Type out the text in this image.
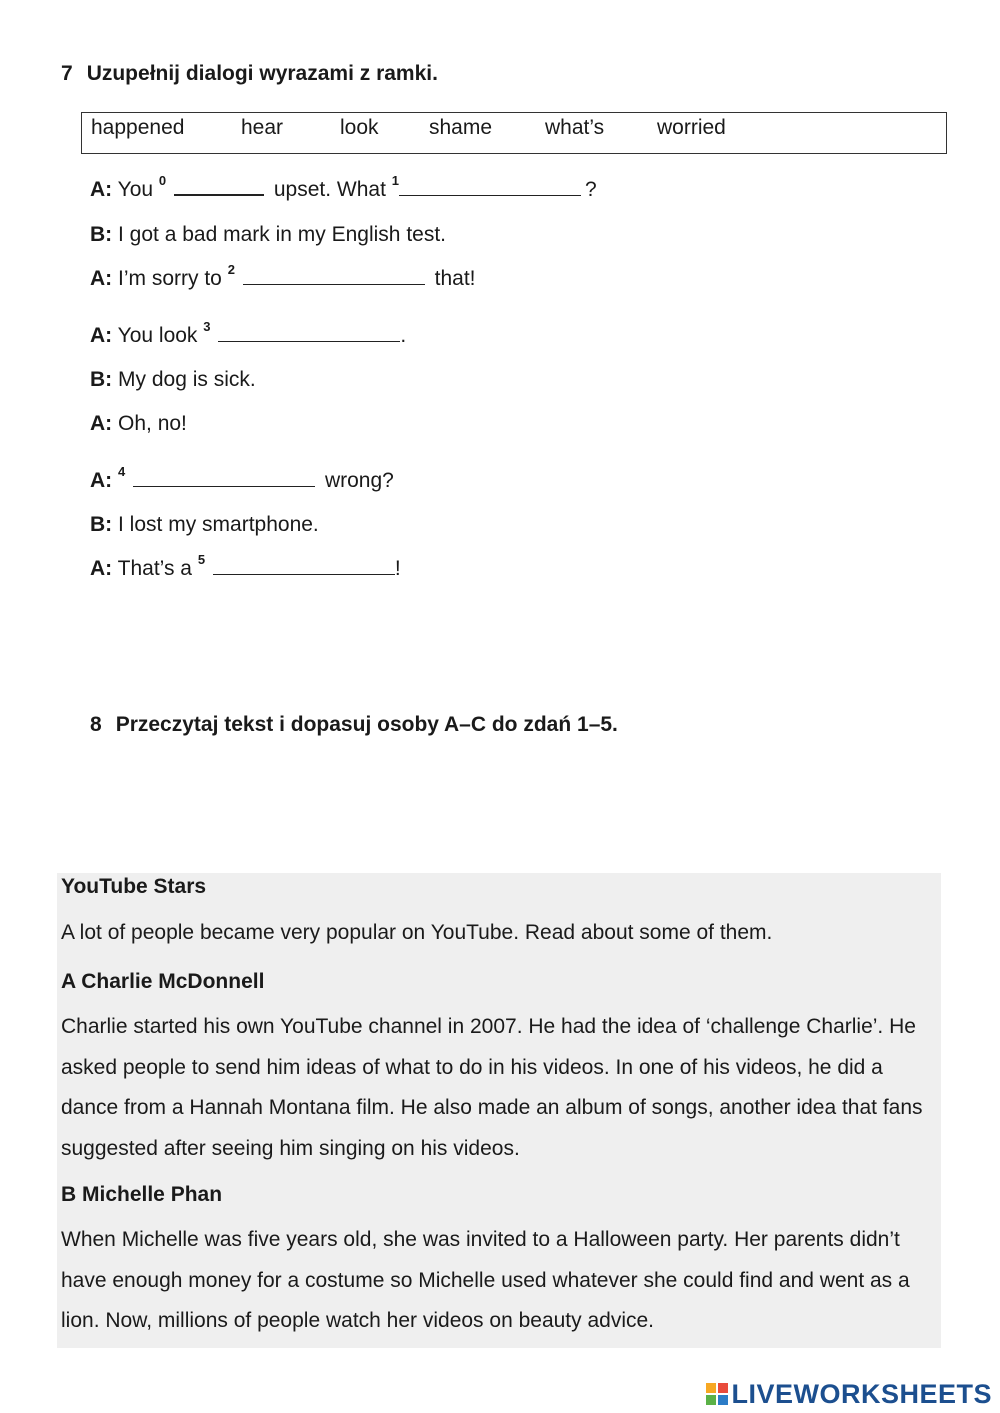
7 Uzupełnij dialogi wyrazami z ramki.
happened	hear	look shame	what’s	worried
A: You $^0$	upset. What $^1$	?
B: I got a bad mark in my English test.
A: I’m sorry to $^2$	that!
A: You look $^3$	.
B: My dog is sick.
A: Oh, no!
A: $^4$	wrong?
B: I lost my smartphone.
A: That’s a $^5$	!
8 Przeczytaj tekst i dopasuj osoby A–C do zdań 1–5.
YouTube Stars
A lot of people became very popular on YouTube. Read about some of them.
A Charlie McDonnell
Charlie started his own YouTube channel in 2007. He had the idea of ‘challenge Charlie’. He asked people to send him ideas of what to do in his videos. In one of his videos, he did a dance from a Hannah Montana film. He also made an album of songs, another idea that fans suggested after seeing him singing on his videos.
B Michelle Phan
When Michelle was five years old, she was invited to a Halloween party. Her parents didn’t have enough money for a costume so Michelle used whatever she could find and went as a lion. Now, millions of people watch her videos on beauty advice.
LIVEWORKSHEETS
